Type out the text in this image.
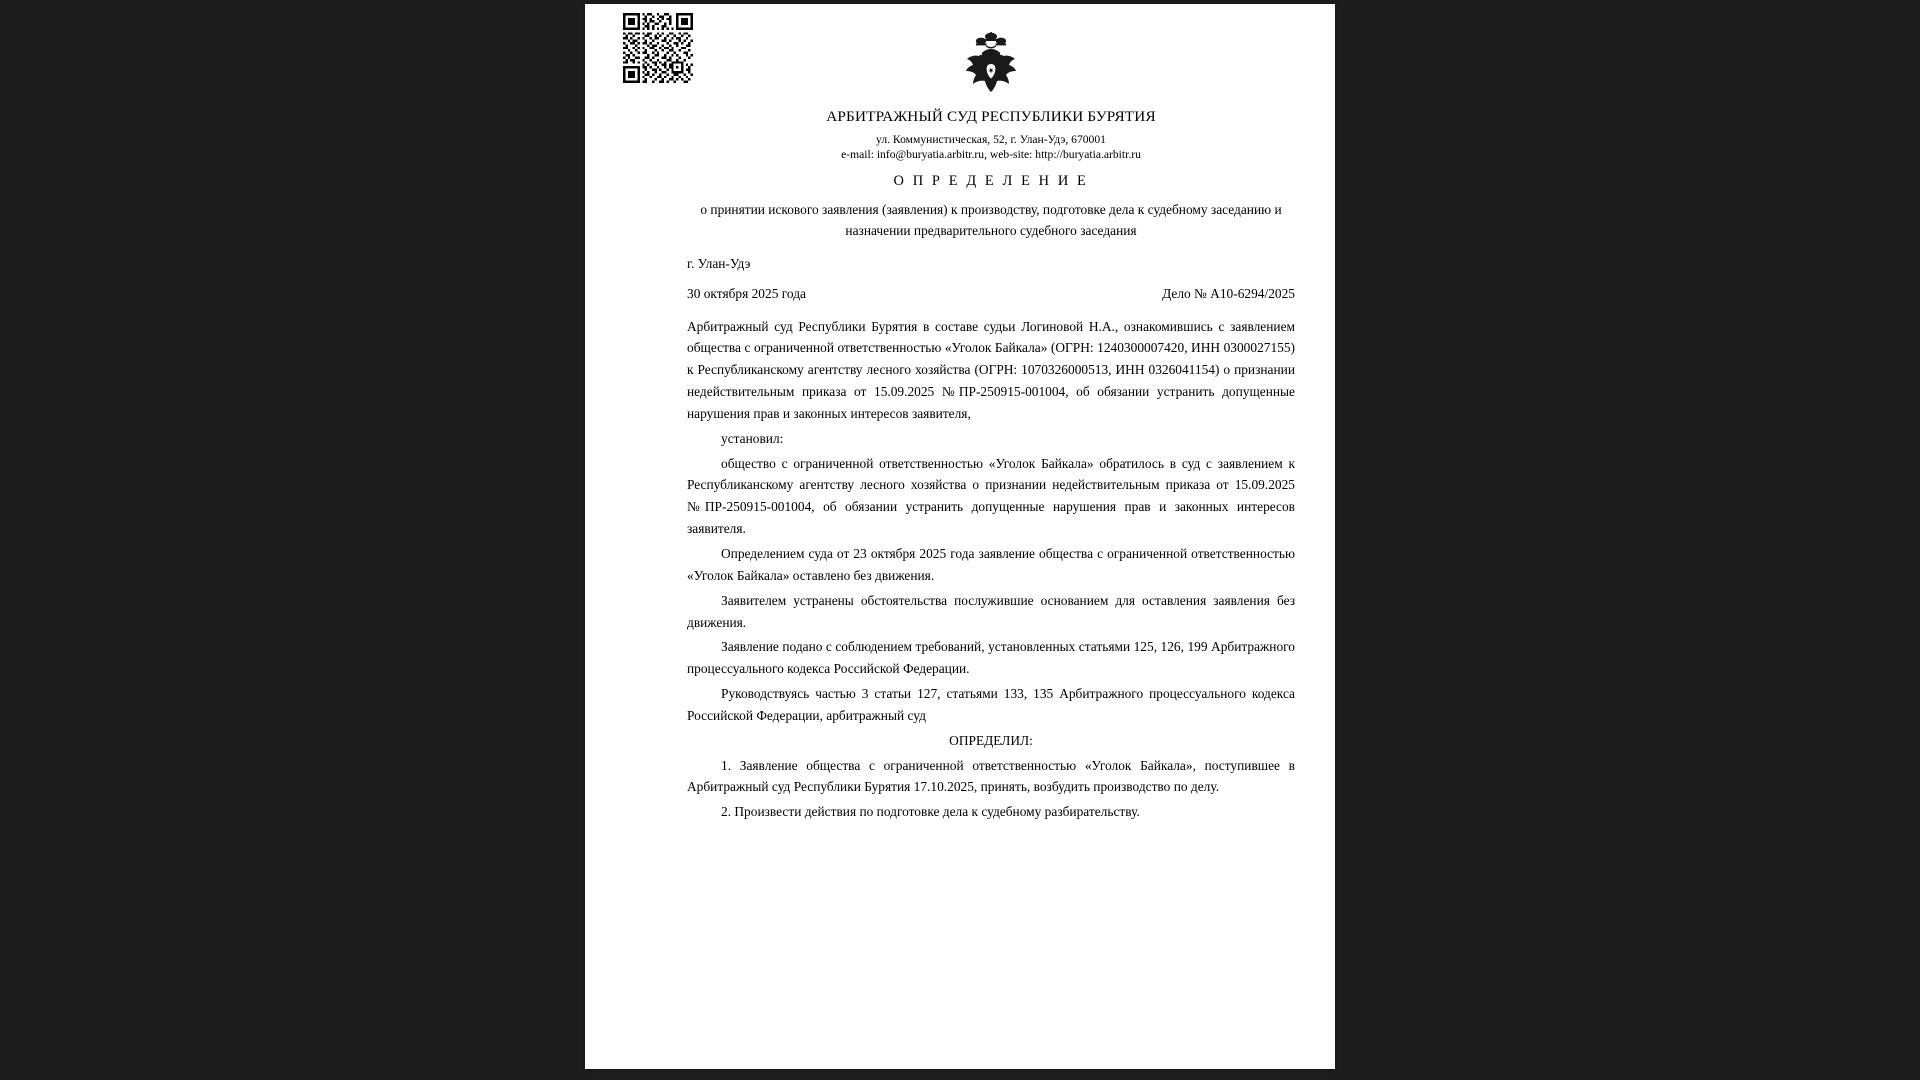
АРБИТРАЖНЫЙ СУД РЕСПУБЛИКИ БУРЯТИЯ
ул. Коммунистическая, 52, г. Улан-Удэ, 670001
e-mail: info@buryatia.arbitr.ru, web-site: http://buryatia.arbitr.ru
О П Р Е Д Е Л Е Н И Е
о принятии искового заявления (заявления) к производству, подготовке дела к судебному заседанию и назначении предварительного судебного заседания
г. Улан-Удэ
30 октября 2025 года	Дело № А10-6294/2025

Арбитражный суд Республики Бурятия в составе судьи Логиновой Н.А., ознакомившись с заявлением общества с ограниченной ответственностью «Уголок Байкала» (ОГРН: 1240300007420, ИНН 0300027155) к Республиканскому агентству лесного хозяйства (ОГРН: 1070326000513, ИНН 0326041154) о признании недействительным приказа от 15.09.2025 №ПР-250915-001004, об обязании устранить допущенные нарушения прав и законных интересов заявителя,

установил:

общество с ограниченной ответственностью «Уголок Байкала» обратилось в суд с заявлением к Республиканскому агентству лесного хозяйства о признании недействительным приказа от 15.09.2025 №ПР-250915-001004, об обязании устранить допущенные нарушения прав и законных интересов заявителя.

Определением суда от 23 октября 2025 года заявление общества с ограниченной ответственностью «Уголок Байкала» оставлено без движения.

Заявителем устранены обстоятельства послужившие основанием для оставления заявления без движения.

Заявление подано с соблюдением требований, установленных статьями 125, 126, 199 Арбитражного процессуального кодекса Российской Федерации.

Руководствуясь частью 3 статьи 127, статьями 133, 135 Арбитражного процессуального кодекса Российской Федерации, арбитражный суд

ОПРЕДЕЛИЛ:

1. Заявление общества с ограниченной ответственностью «Уголок Байкала», поступившее в Арбитражный суд Республики Бурятия 17.10.2025, принять, возбудить производство по делу.

2. Произвести действия по подготовке дела к судебному разбирательству.
